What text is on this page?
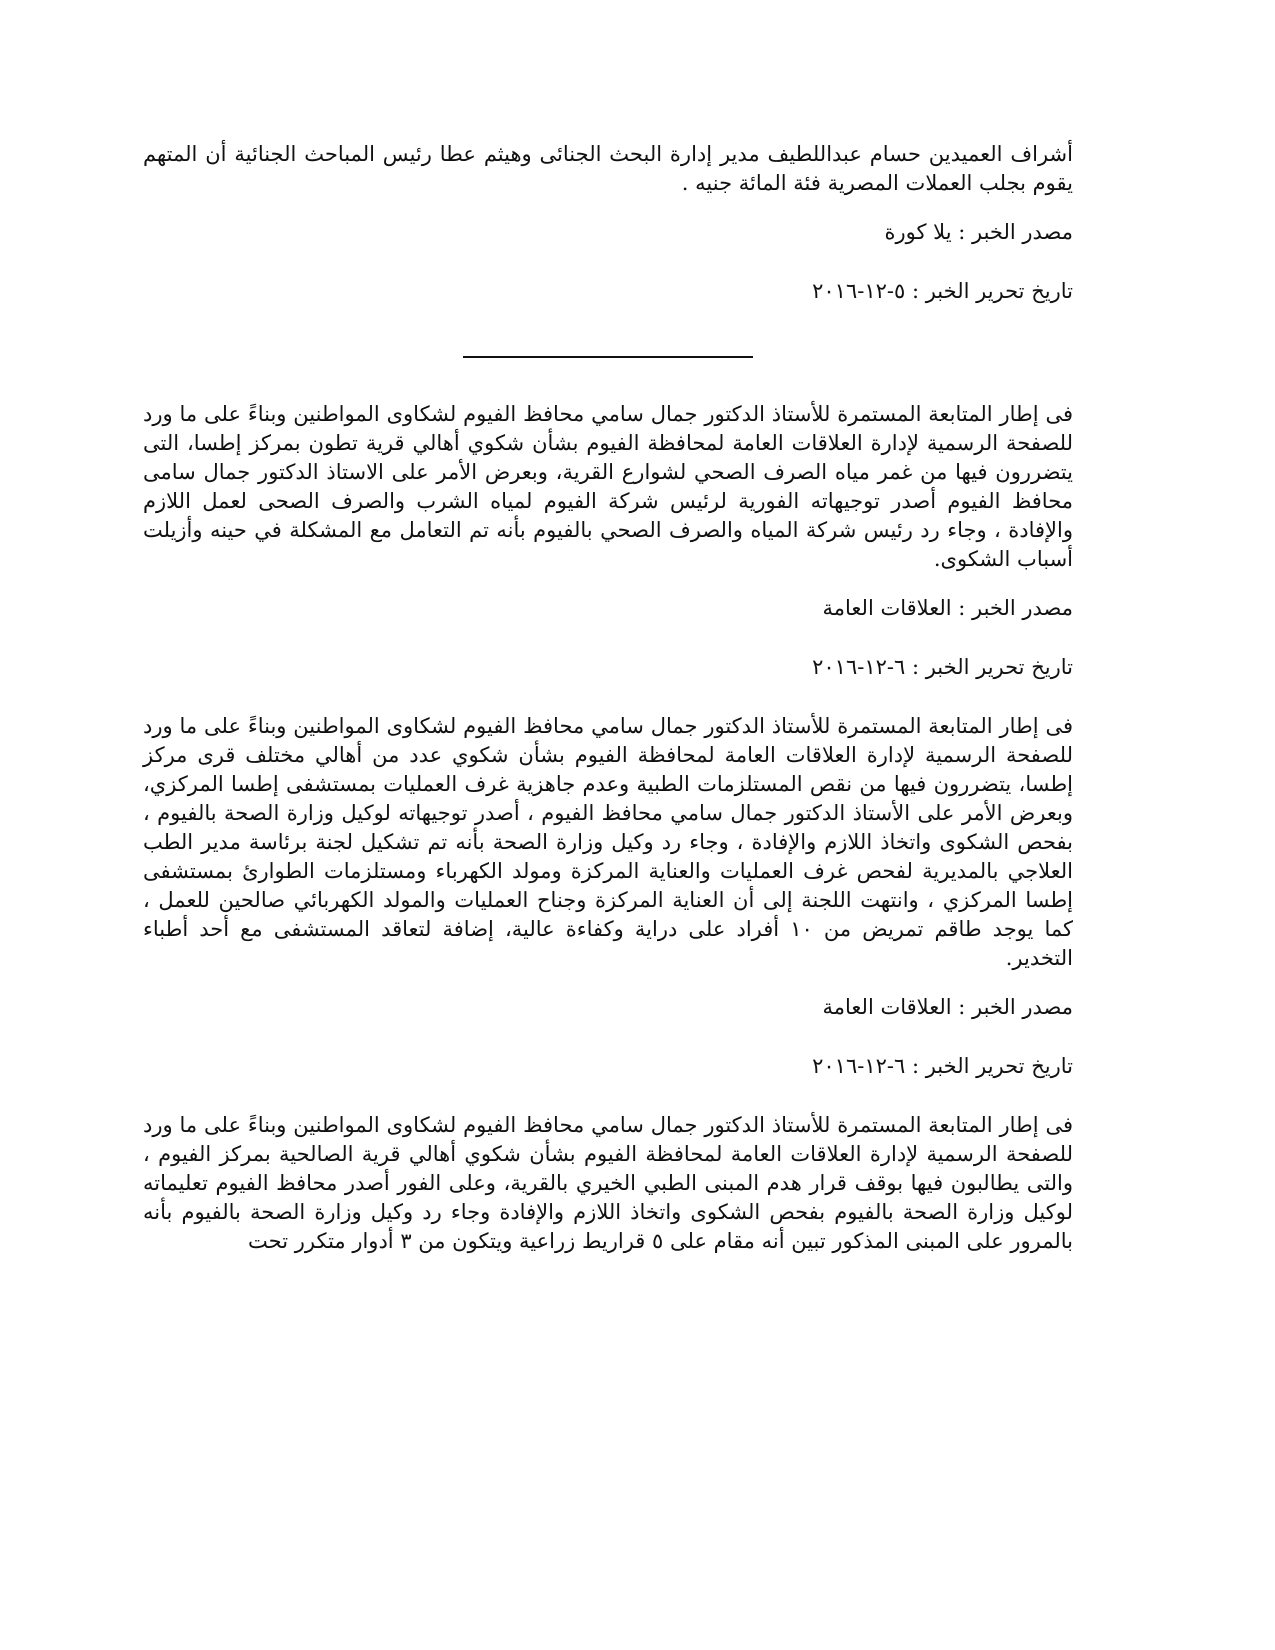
أشراف العميدين حسام عبداللطيف مدير إدارة البحث الجنائى وهيثم عطا رئيس المباحث الجنائية أن المتهم يقوم بجلب العملات المصرية فئة المائة جنيه .

مصدر الخبر : يلا كورة

تاريخ تحرير الخبر : ٥-١٢-٢٠١٦

فى إطار المتابعة المستمرة للأستاذ الدكتور جمال سامي محافظ الفيوم لشكاوى المواطنين وبناءً على ما ورد للصفحة الرسمية لإدارة العلاقات العامة لمحافظة الفيوم بشأن شكوي أهالي قرية تطون بمركز إطسا، التى يتضررون فيها من غمر مياه الصرف الصحي لشوارع القرية، وبعرض الأمر على الاستاذ الدكتور جمال سامى محافظ الفيوم أصدر توجيهاته الفورية لرئيس شركة الفيوم لمياه الشرب والصرف الصحى لعمل اللازم والإفادة ، وجاء رد رئيس شركة المياه والصرف الصحي بالفيوم بأنه تم التعامل مع المشكلة في حينه وأزيلت أسباب الشكوى.

مصدر الخبر : العلاقات العامة

تاريخ تحرير الخبر : ٦-١٢-٢٠١٦

فى إطار المتابعة المستمرة للأستاذ الدكتور جمال سامي محافظ الفيوم لشكاوى المواطنين وبناءً على ما ورد للصفحة الرسمية لإدارة العلاقات العامة لمحافظة الفيوم بشأن شكوي عدد من أهالي مختلف قرى مركز إطسا، يتضررون فيها من نقص المستلزمات الطبية وعدم جاهزية غرف العمليات بمستشفى إطسا المركزي، وبعرض الأمر على الأستاذ الدكتور جمال سامي محافظ الفيوم ، أصدر توجيهاته لوكيل وزارة الصحة بالفيوم ، بفحص الشكوى واتخاذ اللازم والإفادة ، وجاء رد وكيل وزارة الصحة بأنه تم تشكيل لجنة برئاسة مدير الطب العلاجي بالمديرية لفحص غرف العمليات والعناية المركزة ومولد الكهرباء ومستلزمات الطوارئ بمستشفى إطسا المركزي ، وانتهت اللجنة إلى أن العناية المركزة وجناح العمليات والمولد الكهربائي صالحين للعمل ، كما يوجد طاقم تمريض من ١٠ أفراد على دراية وكفاءة عالية، إضافة لتعاقد المستشفى مع أحد أطباء التخدير.

مصدر الخبر : العلاقات العامة

تاريخ تحرير الخبر : ٦-١٢-٢٠١٦

فى إطار المتابعة المستمرة للأستاذ الدكتور جمال سامي محافظ الفيوم لشكاوى المواطنين وبناءً على ما ورد للصفحة الرسمية لإدارة العلاقات العامة لمحافظة الفيوم بشأن شكوي أهالي قرية الصالحية بمركز الفيوم ، والتى يطالبون فيها بوقف قرار هدم المبنى الطبي الخيري بالقرية، وعلى الفور أصدر محافظ الفيوم تعليماته لوكيل وزارة الصحة بالفيوم بفحص الشكوى واتخاذ اللازم والإفادة وجاء رد وكيل وزارة الصحة بالفيوم بأنه بالمرور على المبنى المذكور تبين أنه مقام على ٥ قراريط زراعية ويتكون من ٣ أدوار متكرر تحت
